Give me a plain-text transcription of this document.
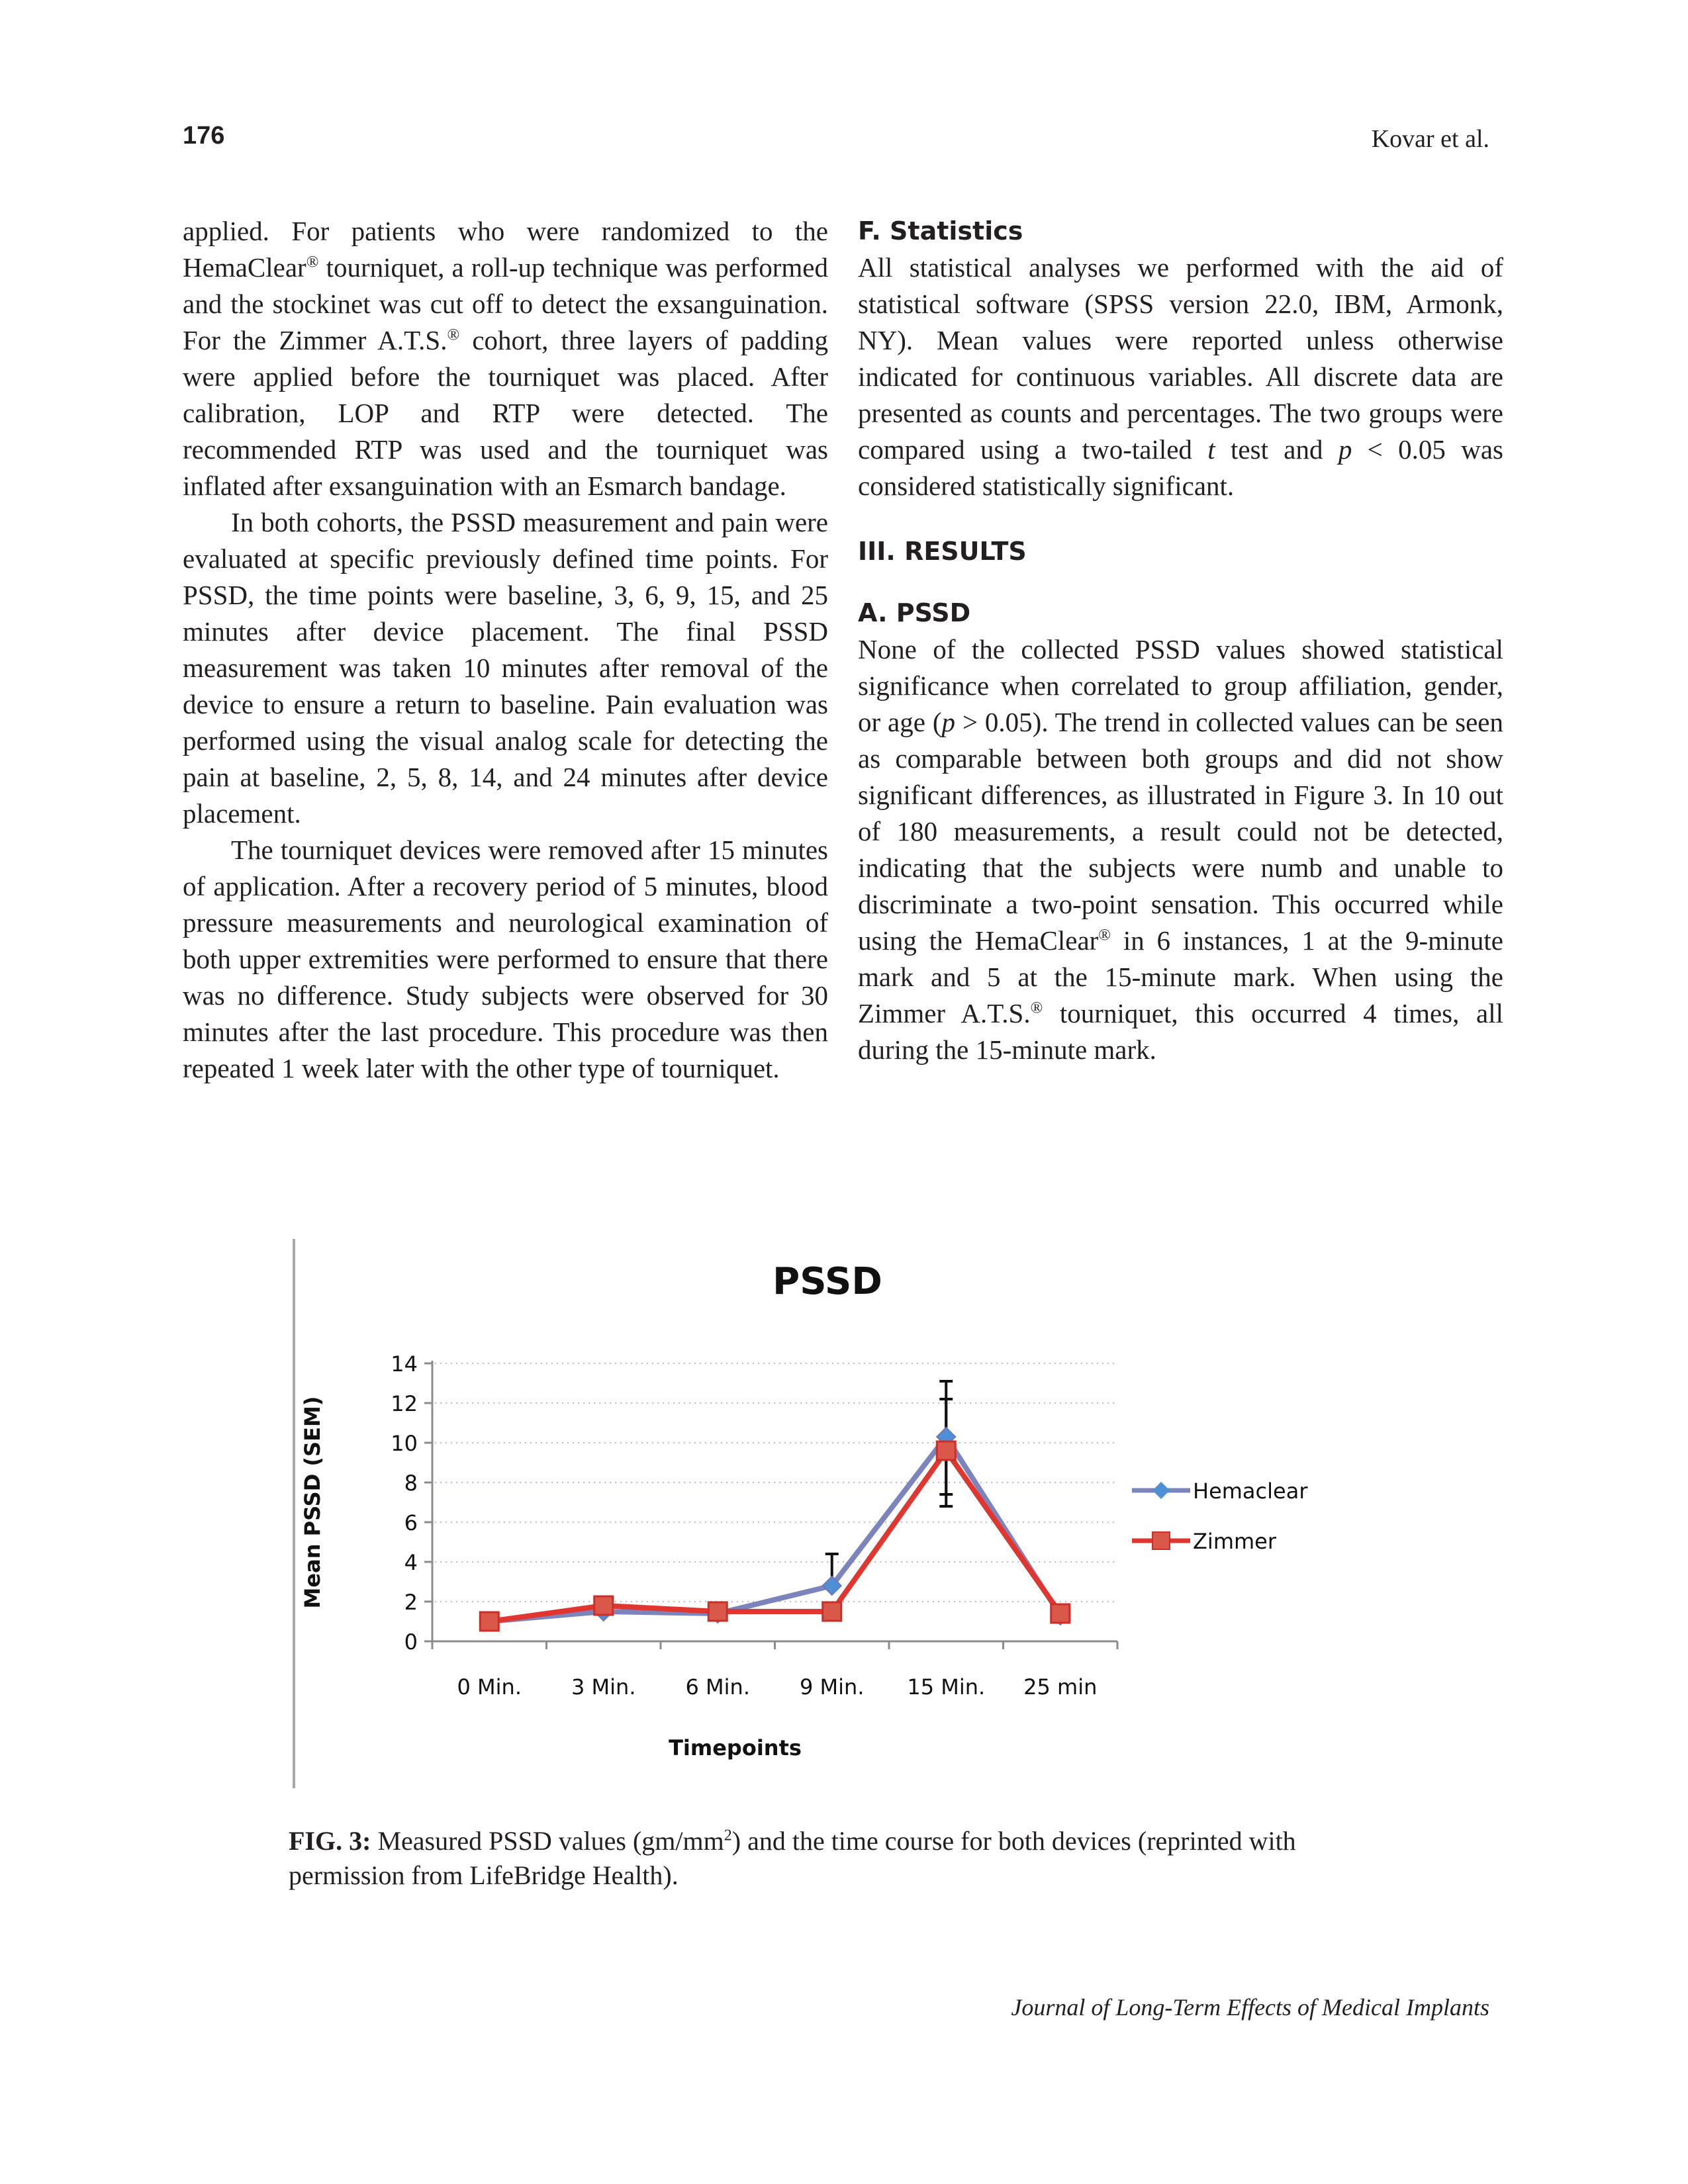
176	Kovar et al.

applied. For patients who were randomized to the HemaClear® tourniquet, a roll-up technique was performed and the stockinet was cut off to detect the exsanguination. For the Zimmer A.T.S.® cohort, three layers of padding were applied before the tourniquet was placed. After calibration, LOP and RTP were detected. The recommended RTP was used and the tourniquet was inflated after exsanguination with an Esmarch bandage.

In both cohorts, the PSSD measurement and pain were evaluated at specific previously defined time points. For PSSD, the time points were baseline, 3, 6, 9, 15, and 25 minutes after device placement. The final PSSD measurement was taken 10 minutes after removal of the device to ensure a return to baseline. Pain evaluation was performed using the visual analog scale for detecting the pain at baseline, 2, 5, 8, 14, and 24 minutes after device placement.

The tourniquet devices were removed after 15 minutes of application. After a recovery period of 5 minutes, blood pressure measurements and neurological examination of both upper extremities were performed to ensure that there was no difference. Study subjects were observed for 30 minutes after the last procedure. This procedure was then repeated 1 week later with the other type of tourniquet.

F. Statistics

All statistical analyses we performed with the aid of statistical software (SPSS version 22.0, IBM, Armonk, NY). Mean values were reported unless otherwise indicated for continuous variables. All discrete data are presented as counts and percentages. The two groups were compared using a two-tailed t test and p < 0.05 was considered statistically significant.

III. RESULTS
A. PSSD

None of the collected PSSD values showed statistical significance when correlated to group affiliation, gender, or age (p > 0.05). The trend in collected values can be seen as comparable between both groups and did not show significant differences, as illustrated in Figure 3. In 10 out of 180 measurements, a result could not be detected, indicating that the subjects were numb and unable to discriminate a two-point sensation. This occurred while using the HemaClear® in 6 instances, 1 at the 9-minute mark and 5 at the 15-minute mark. When using the Zimmer A.T.S.® tourniquet, this occurred 4 times, all during the 15-minute mark.

PSSD
0
2
4
6
8
10
12
14
0 Min. 3 Min. 6 Min. 9 Min. 15 Min. 25 min
Timepoints
Mean PSSD (SEM)	Hemaclear
Zimmer
FIG. 3: Measured PSSD values $(gm/mm^2)$ and the time course for both devices (reprinted with permission from LifeBridge Health).
Journal of Long-Term Effects of Medical Implants
